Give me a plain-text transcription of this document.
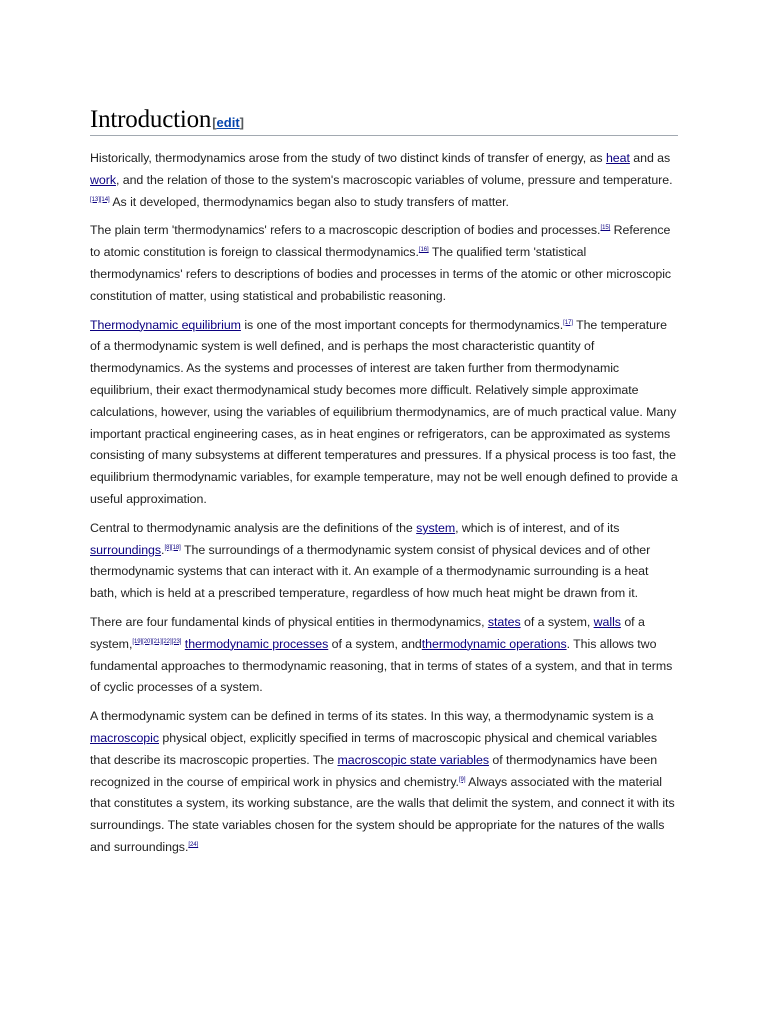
Introduction [edit]

Historically, thermodynamics arose from the study of two distinct kinds of transfer of energy, as heat and as work, and the relation of those to the system's macroscopic variables of volume, pressure and temperature.[13][14] As it developed, thermodynamics began also to study transfers of matter.

The plain term 'thermodynamics' refers to a macroscopic description of bodies and processes.[15] Reference to atomic constitution is foreign to classical thermodynamics.[16] The qualified term 'statistical thermodynamics' refers to descriptions of bodies and processes in terms of the atomic or other microscopic constitution of matter, using statistical and probabilistic reasoning.

Thermodynamic equilibrium is one of the most important concepts for thermodynamics.[17] The temperature of a thermodynamic system is well defined, and is perhaps the most characteristic quantity of thermodynamics. As the systems and processes of interest are taken further from thermodynamic equilibrium, their exact thermodynamical study becomes more difficult. Relatively simple approximate calculations, however, using the variables of equilibrium thermodynamics, are of much practical value. Many important practical engineering cases, as in heat engines or refrigerators, can be approximated as systems consisting of many subsystems at different temperatures and pressures. If a physical process is too fast, the equilibrium thermodynamic variables, for example temperature, may not be well enough defined to provide a useful approximation.

Central to thermodynamic analysis are the definitions of the system, which is of interest, and of its surroundings.[8][18] The surroundings of a thermodynamic system consist of physical devices and of other thermodynamic systems that can interact with it. An example of a thermodynamic surrounding is a heat bath, which is held at a prescribed temperature, regardless of how much heat might be drawn from it.

There are four fundamental kinds of physical entities in thermodynamics, states of a system, walls of a system,[19][20][21][22][23] thermodynamic processes of a system, andthermodynamic operations. This allows two fundamental approaches to thermodynamic reasoning, that in terms of states of a system, and that in terms of cyclic processes of a system.

A thermodynamic system can be defined in terms of its states. In this way, a thermodynamic system is a macroscopic physical object, explicitly specified in terms of macroscopic physical and chemical variables that describe its macroscopic properties. The macroscopic state variables of thermodynamics have been recognized in the course of empirical work in physics and chemistry.[9] Always associated with the material that constitutes a system, its working substance, are the walls that delimit the system, and connect it with its surroundings. The state variables chosen for the system should be appropriate for the natures of the walls and surroundings.[24]
